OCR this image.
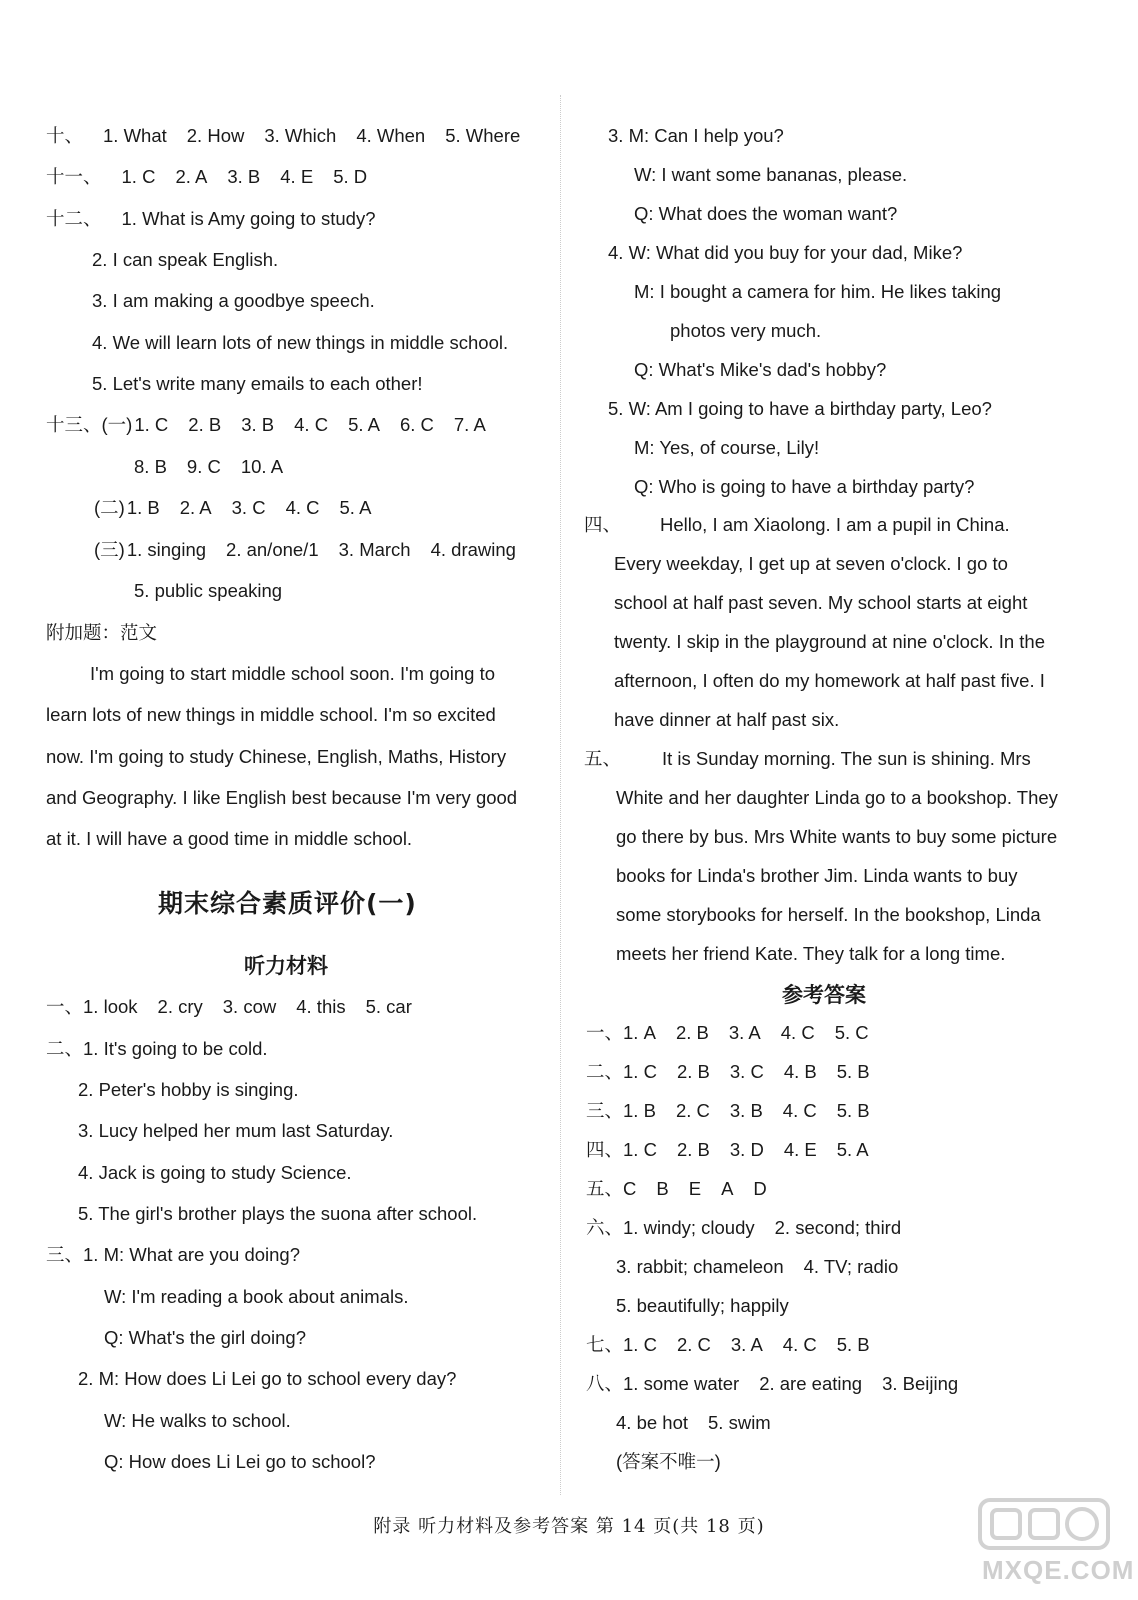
十、 1. What 2. How 3. Which 4. When 5. Where
十一、 1. C 2. A 3. B 4. E 5. D
十二、 1. What is Amy going to study?
2. I can speak English.
3. I am making a goodbye speech.
4. We will learn lots of new things in middle school.
5. Let's write many emails to each other!
十三、(一) 1. C 2. B 3. B 4. C 5. A 6. C 7. A
8. B 9. C 10. A
(二) 1. B 2. A 3. C 4. C 5. A
(三) 1. singing 2. an/one/1 3. March 4. drawing
5. public speaking
附加题：范文
I'm going to start middle school soon. I'm going to
learn lots of new things in middle school. I'm so excited
now. I'm going to study Chinese, English, Maths, History
and Geography. I like English best because I'm very good
at it. I will have a good time in middle school.
期末综合素质评价(一)
听力材料
一、1. look 2. cry 3. cow 4. this 5. car
二、1. It's going to be cold.
2. Peter's hobby is singing.
3. Lucy helped her mum last Saturday.
4. Jack is going to study Science.
5. The girl's brother plays the suona after school.
三、1. M: What are you doing?
W: I'm reading a book about animals.
Q: What's the girl doing?
2. M: How does Li Lei go to school every day?
W: He walks to school.
Q: How does Li Lei go to school?
3. M: Can I help you?
W: I want some bananas, please.
Q: What does the woman want?
4. W: What did you buy for your dad, Mike?
M: I bought a camera for him. He likes taking
photos very much.
Q: What's Mike's dad's hobby?
5. W: Am I going to have a birthday party, Leo?
M: Yes, of course, Lily!
Q: Who is going to have a birthday party?
四、 Hello, I am Xiaolong. I am a pupil in China.
Every weekday, I get up at seven o'clock. I go to
school at half past seven. My school starts at eight
twenty. I skip in the playground at nine o'clock. In the
afternoon, I often do my homework at half past five. I
have dinner at half past six.
五、 It is Sunday morning. The sun is shining. Mrs
White and her daughter Linda go to a bookshop. They
go there by bus. Mrs White wants to buy some picture
books for Linda's brother Jim. Linda wants to buy
some storybooks for herself. In the bookshop, Linda
meets her friend Kate. They talk for a long time.
参考答案
一、1. A 2. B 3. A 4. C 5. C
二、1. C 2. B 3. C 4. B 5. B
三、1. B 2. C 3. B 4. C 5. B
四、1. C 2. B 3. D 4. E 5. A
五、C B E A D
六、1. windy; cloudy 2. second; third
3. rabbit; chameleon 4. TV; radio
5. beautifully; happily
七、1. C 2. C 3. A 4. C 5. B
八、1. some water 2. are eating 3. Beijing
4. be hot 5. swim
(答案不唯一)
附录 听力材料及参考答案 第 14 页(共 18 页)
MXQE.COM
